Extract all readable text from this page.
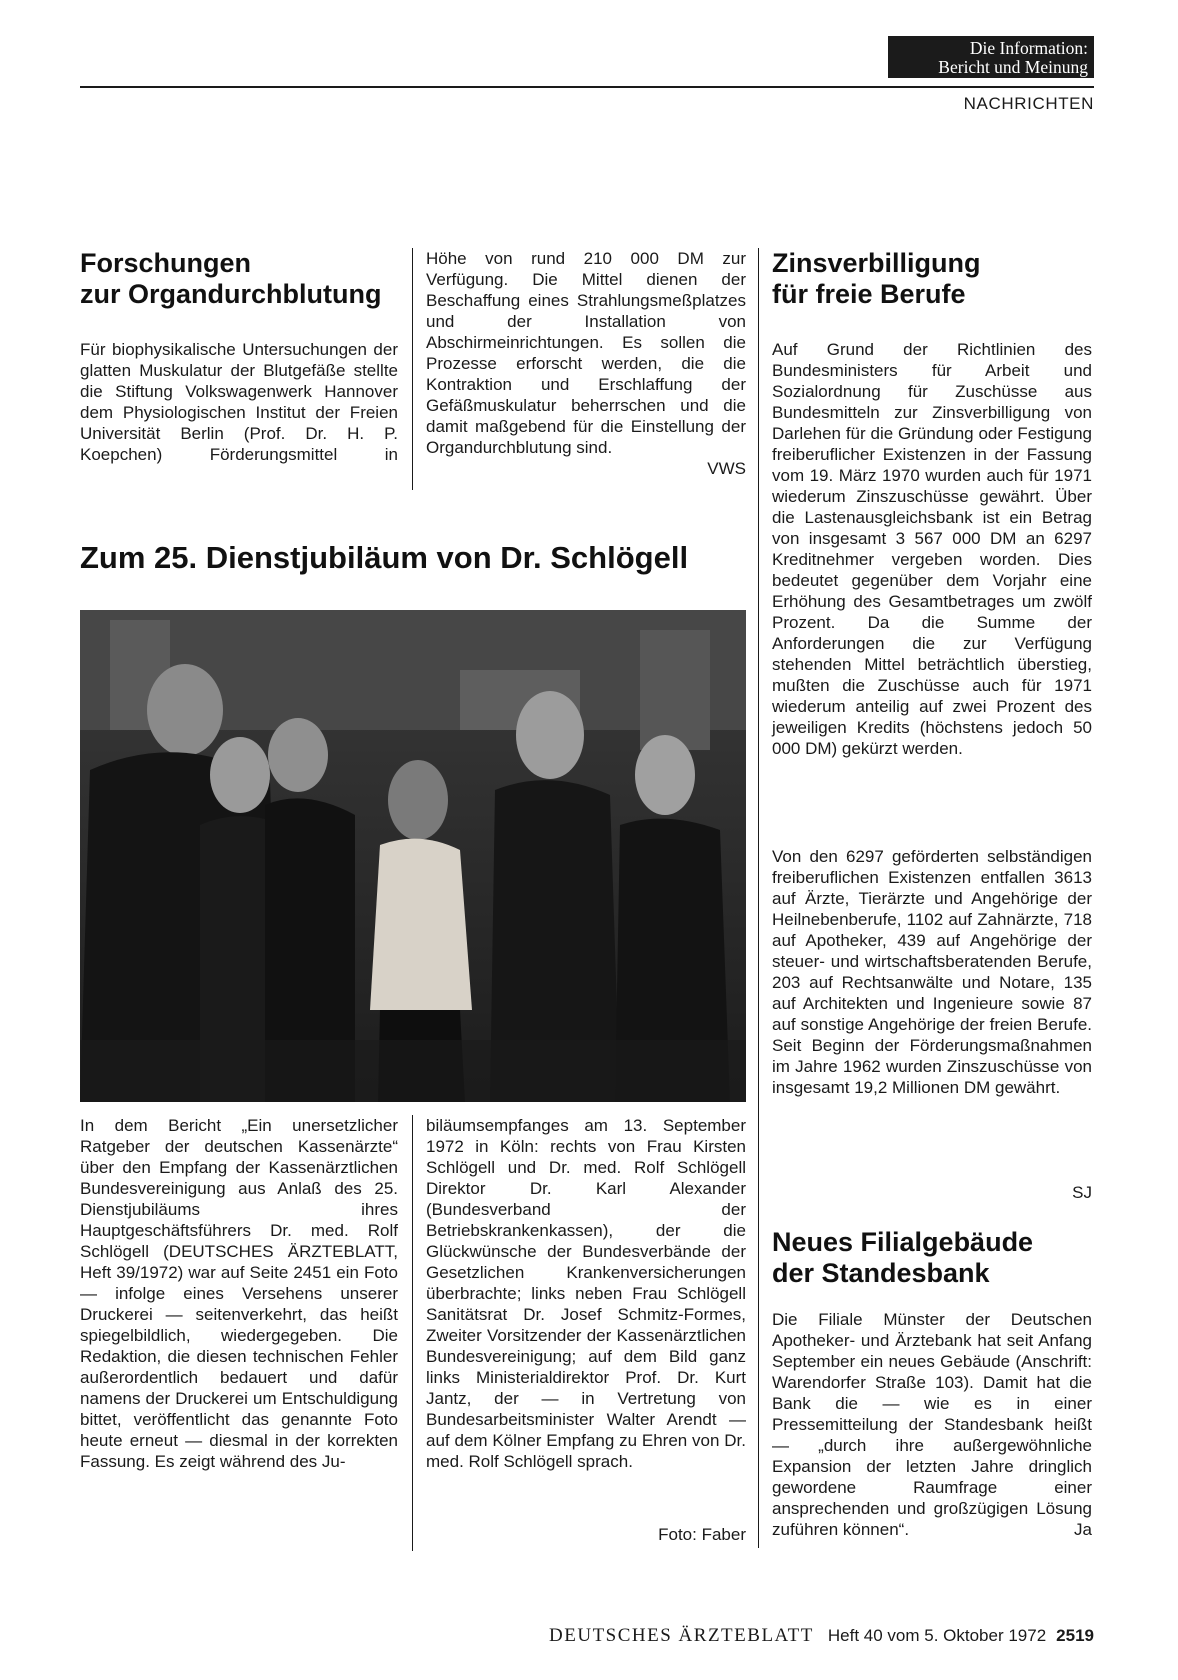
Die Information:
Bericht und Meinung
NACHRICHTEN
Forschungen
zur Organdurchblutung

Für biophysikalische Untersuchungen der glatten Muskulatur der Blutgefäße stellte die Stiftung Volkswagenwerk Hannover dem Physiologischen Institut der Freien Universität Berlin (Prof. Dr. H. P. Koepchen) Förderungsmittel in

Höhe von rund 210 000 DM zur Verfügung. Die Mittel dienen der Beschaffung eines Strahlungsmeßplatzes und der Installation von Abschirmeinrichtungen. Es sollen die Prozesse erforscht werden, die die Kontraktion und Erschlaffung der Gefäßmuskulatur beherrschen und die damit maßgebend für die Einstellung der Organdurchblutung sind.

VWS
Zum 25. Dienstjubiläum von Dr. Schlögell

In dem Bericht „Ein unersetzlicher Ratgeber der deutschen Kassenärzte“ über den Empfang der Kassenärztlichen Bundesvereinigung aus Anlaß des 25. Dienstjubiläums ihres Hauptgeschäftsführers Dr. med. Rolf Schlögell (DEUTSCHES ÄRZTEBLATT, Heft 39/1972) war auf Seite 2451 ein Foto — infolge eines Versehens unserer Druckerei — seitenverkehrt, das heißt spiegelbildlich, wiedergegeben. Die Redaktion, die diesen technischen Fehler außerordentlich bedauert und dafür namens der Druckerei um Entschuldigung bittet, veröffentlicht das genannte Foto heute erneut — diesmal in der korrekten Fassung. Es zeigt während des Ju-

biläumsempfanges am 13. September 1972 in Köln: rechts von Frau Kirsten Schlögell und Dr. med. Rolf Schlögell Direktor Dr. Karl Alexander (Bundesverband der Betriebskrankenkassen), der die Glückwünsche der Bundesverbände der Gesetzlichen Krankenversicherungen überbrachte; links neben Frau Schlögell Sanitätsrat Dr. Josef Schmitz-Formes, Zweiter Vorsitzender der Kassenärztlichen Bundesvereinigung; auf dem Bild ganz links Ministerialdirektor Prof. Dr. Kurt Jantz, der — in Vertretung von Bundesarbeitsminister Walter Arendt — auf dem Kölner Empfang zu Ehren von Dr. med. Rolf Schlögell sprach.

Foto: Faber
Zinsverbilligung
für freie Berufe

Auf Grund der Richtlinien des Bundesministers für Arbeit und Sozialordnung für Zuschüsse aus Bundesmitteln zur Zinsverbilligung von Darlehen für die Gründung oder Festigung freiberuflicher Existenzen in der Fassung vom 19. März 1970 wurden auch für 1971 wiederum Zinszuschüsse gewährt. Über die Lastenausgleichsbank ist ein Betrag von insgesamt 3 567 000 DM an 6297 Kreditnehmer vergeben worden. Dies bedeutet gegenüber dem Vorjahr eine Erhöhung des Gesamtbetrages um zwölf Prozent. Da die Summe der Anforderungen die zur Verfügung stehenden Mittel beträchtlich überstieg, mußten die Zuschüsse auch für 1971 wiederum anteilig auf zwei Prozent des jeweiligen Kredits (höchstens jedoch 50 000 DM) gekürzt werden.

Von den 6297 geförderten selbständigen freiberuflichen Existenzen entfallen 3613 auf Ärzte, Tierärzte und Angehörige der Heilnebenberufe, 1102 auf Zahnärzte, 718 auf Apotheker, 439 auf Angehörige der steuer- und wirtschaftsberatenden Berufe, 203 auf Rechtsanwälte und Notare, 135 auf Architekten und Ingenieure sowie 87 auf sonstige Angehörige der freien Berufe. Seit Beginn der Förderungsmaßnahmen im Jahre 1962 wurden Zinszuschüsse von insgesamt 19,2 Millionen DM gewährt.

SJ
Neues Filialgebäude
der Standesbank

Die Filiale Münster der Deutschen Apotheker- und Ärztebank hat seit Anfang September ein neues Gebäude (Anschrift: Warendorfer Straße 103). Damit hat die Bank die — wie es in einer Pressemitteilung der Standesbank heißt — „durch ihre außergewöhnliche Expansion der letzten Jahre dringlich gewordene Raumfrage einer ansprechenden und großzügigen Lösung zuführen können“.	Ja
DEUTSCHES ÄRZTEBLATT Heft 40 vom 5. Oktober 1972 2519
